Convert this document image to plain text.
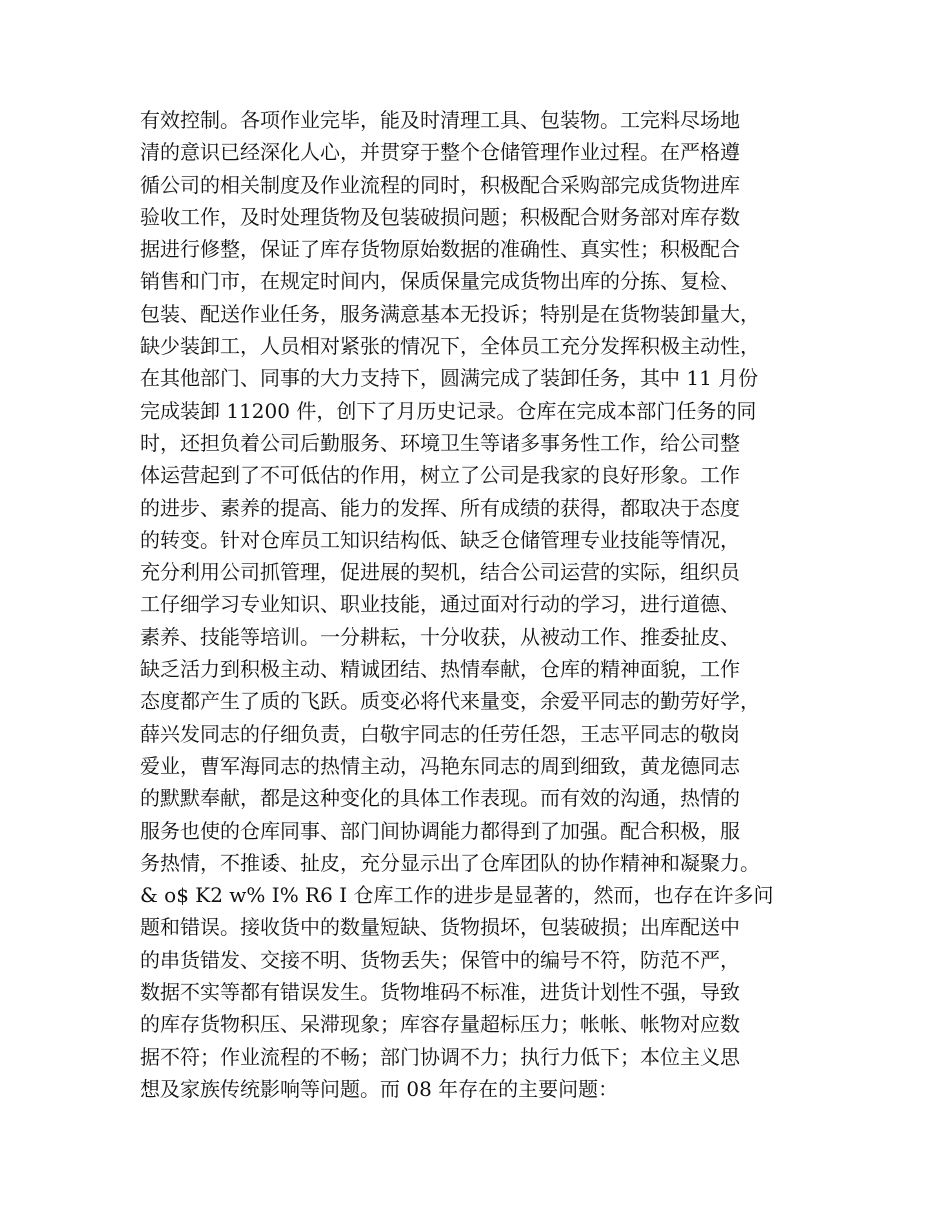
有效控制。各项作业完毕，能及时清理工具、包装物。工完料尽场地
清的意识已经深化人心，并贯穿于整个仓储管理作业过程。在严格遵
循公司的相关制度及作业流程的同时，积极配合采购部完成货物进库
验收工作，及时处理货物及包装破损问题；积极配合财务部对库存数
据进行修整，保证了库存货物原始数据的准确性、真实性；积极配合
销售和门市，在规定时间内，保质保量完成货物出库的分拣、复检、
包装、配送作业任务，服务满意基本无投诉；特别是在货物装卸量大，
缺少装卸工，人员相对紧张的情况下，全体员工充分发挥积极主动性，
在其他部门、同事的大力支持下，圆满完成了装卸任务，其中 11 月份
完成装卸 11200 件，创下了月历史记录。仓库在完成本部门任务的同
时，还担负着公司后勤服务、环境卫生等诸多事务性工作，给公司整
体运营起到了不可低估的作用，树立了公司是我家的良好形象。工作
的进步、素养的提高、能力的发挥、所有成绩的获得，都取决于态度
的转变。针对仓库员工知识结构低、缺乏仓储管理专业技能等情况，
充分利用公司抓管理，促进展的契机，结合公司运营的实际，组织员
工仔细学习专业知识、职业技能，通过面对行动的学习，进行道德、
素养、技能等培训。一分耕耘，十分收获，从被动工作、推委扯皮、
缺乏活力到积极主动、精诚团结、热情奉献，仓库的精神面貌，工作
态度都产生了质的飞跃。质变必将代来量变，余爱平同志的勤劳好学，
薛兴发同志的仔细负责，白敬宇同志的任劳任怨，王志平同志的敬岗
爱业，曹军海同志的热情主动，冯艳东同志的周到细致，黄龙德同志
的默默奉献，都是这种变化的具体工作表现。而有效的沟通，热情的
服务也使的仓库同事、部门间协调能力都得到了加强。配合积极，服
务热情，不推诿、扯皮，充分显示出了仓库团队的协作精神和凝聚力。
& o$ K2 w% I% R6 I 仓库工作的进步是显著的，然而，也存在许多问
题和错误。接收货中的数量短缺、货物损坏，包装破损；出库配送中
的串货错发、交接不明、货物丢失；保管中的编号不符，防范不严，
数据不实等都有错误发生。货物堆码不标准，进货计划性不强，导致
的库存货物积压、呆滞现象；库容存量超标压力；帐帐、帐物对应数
据不符；作业流程的不畅；部门协调不力；执行力低下；本位主义思
想及家族传统影响等问题。而 08 年存在的主要问题：
